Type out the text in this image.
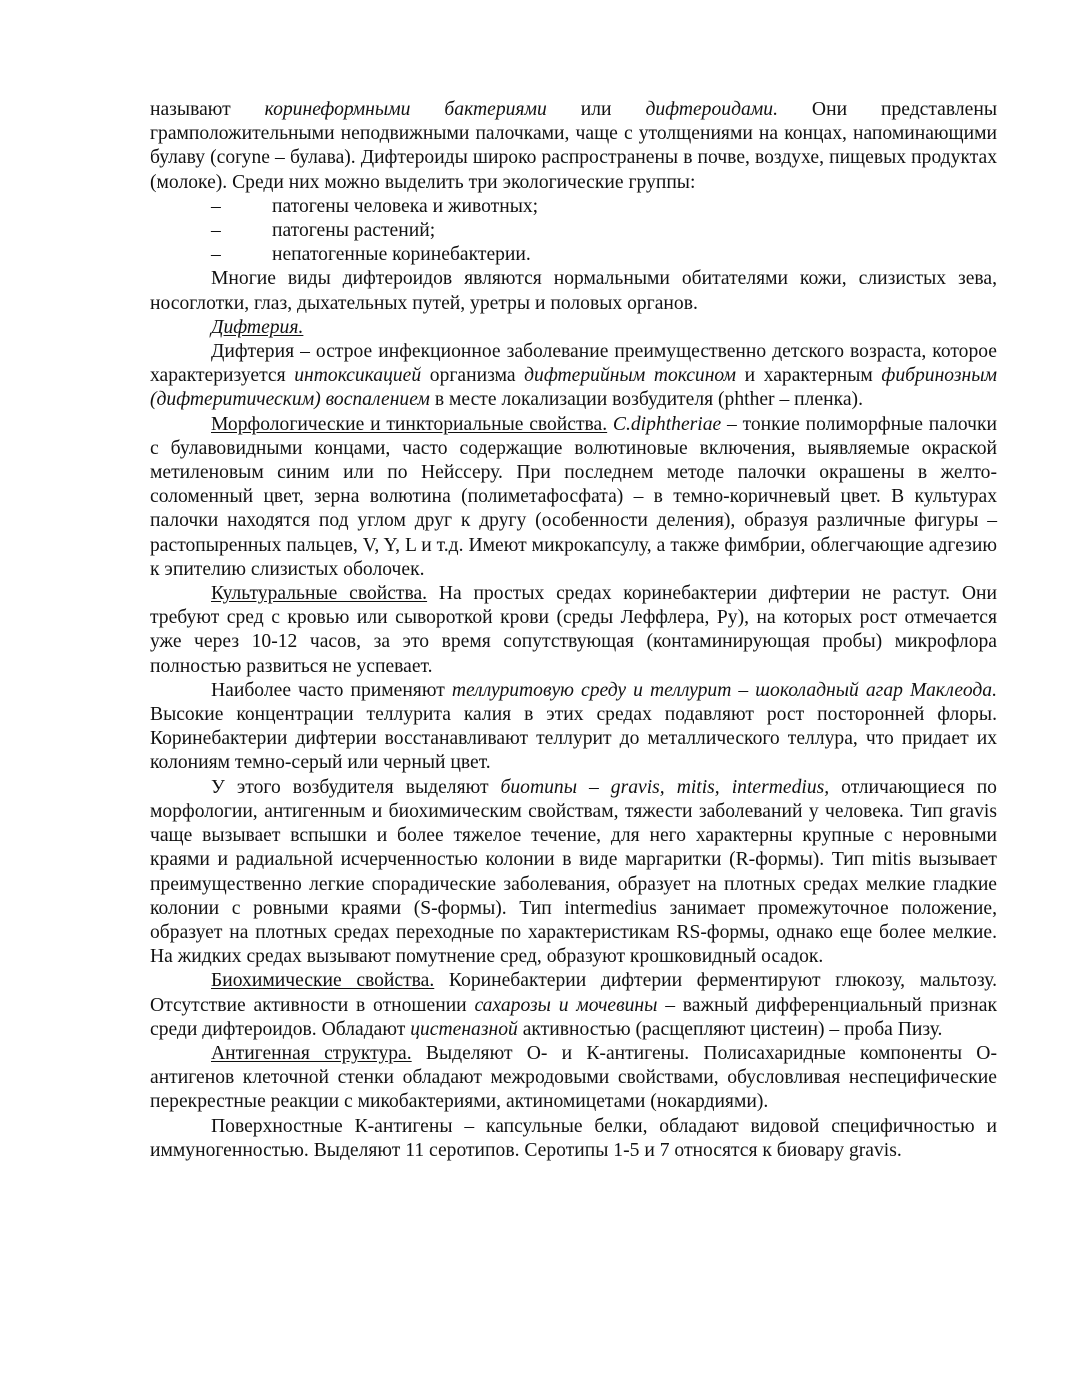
называют коринеформными бактериями или дифтероидами. Они представлены грамположительными неподвижными палочками, чаще с утолщениями на концах, напоминающими булаву (coryne – булава). Дифтероиды широко распространены в почве, воздухе, пищевых продуктах (молоке). Среди них можно выделить три экологические группы:

–	патогены человека и животных;

–	патогены растений;

–	непатогенные коринебактерии.

Многие виды дифтероидов являются нормальными обитателями кожи, слизистых зева, носоглотки, глаз, дыхательных путей, уретры и половых органов.

Дифтерия.

Дифтерия – острое инфекционное заболевание преимущественно детского возраста, которое характеризуется интоксикацией организма дифтерийным токсином и характерным фибринозным (дифтеритическим) воспалением в месте локализации возбудителя (phther – пленка).

Морфологические и тинкториальные свойства. C.diphtheriae – тонкие полиморфные палочки с булавовидными концами, часто содержащие волютиновые включения, выявляемые окраской метиленовым синим или по Нейссеру. При последнем методе палочки окрашены в желто-соломенный цвет, зерна волютина (полиметафосфата) – в темно-коричневый цвет. В культурах палочки находятся под углом друг к другу (особенности деления), образуя различные фигуры – растопыренных пальцев, V, Y, L и т.д. Имеют микрокапсулу, а также фимбрии, облегчающие адгезию к эпителию слизистых оболочек.

Культуральные свойства. На простых средах коринебактерии дифтерии не растут. Они требуют сред с кровью или сывороткой крови (среды Леффлера, Ру), на которых рост отмечается уже через 10-12 часов, за это время сопутствующая (контаминирующая пробы) микрофлора полностью развиться не успевает.

Наиболее часто применяют теллуритовую среду и теллурит – шоколадный агар Маклеода. Высокие концентрации теллурита калия в этих средах подавляют рост посторонней флоры. Коринебактерии дифтерии восстанавливают теллурит до металлического теллура, что придает их колониям темно-серый или черный цвет.

У этого возбудителя выделяют биотипы – gravis, mitis, intermedius, отличающиеся по морфологии, антигенным и биохимическим свойствам, тяжести заболеваний у человека. Тип gravis чаще вызывает вспышки и более тяжелое течение, для него характерны крупные с неровными краями и радиальной исчерченностью колонии в виде маргаритки (R-формы). Тип mitis вызывает преимущественно легкие спорадические заболевания, образует на плотных средах мелкие гладкие колонии с ровными краями (S-формы). Тип intermedius занимает промежуточное положение, образует на плотных средах переходные по характеристикам RS-формы, однако еще более мелкие. На жидких средах вызывают помутнение сред, образуют крошковидный осадок.

Биохимические свойства. Коринебактерии дифтерии ферментируют глюкозу, мальтозу. Отсутствие активности в отношении сахарозы и мочевины – важный дифференциальный признак среди дифтероидов. Обладают цистеназной активностью (расщепляют цистеин) – проба Пизу.

Антигенная структура. Выделяют О- и К-антигены. Полисахаридные компоненты О-антигенов клеточной стенки обладают межродовыми свойствами, обусловливая неспецифические перекрестные реакции с микобактериями, актиномицетами (нокардиями).

Поверхностные К-антигены – капсульные белки, обладают видовой специфичностью и иммуногенностью. Выделяют 11 серотипов. Серотипы 1-5 и 7 относятся к биовару gravis.
